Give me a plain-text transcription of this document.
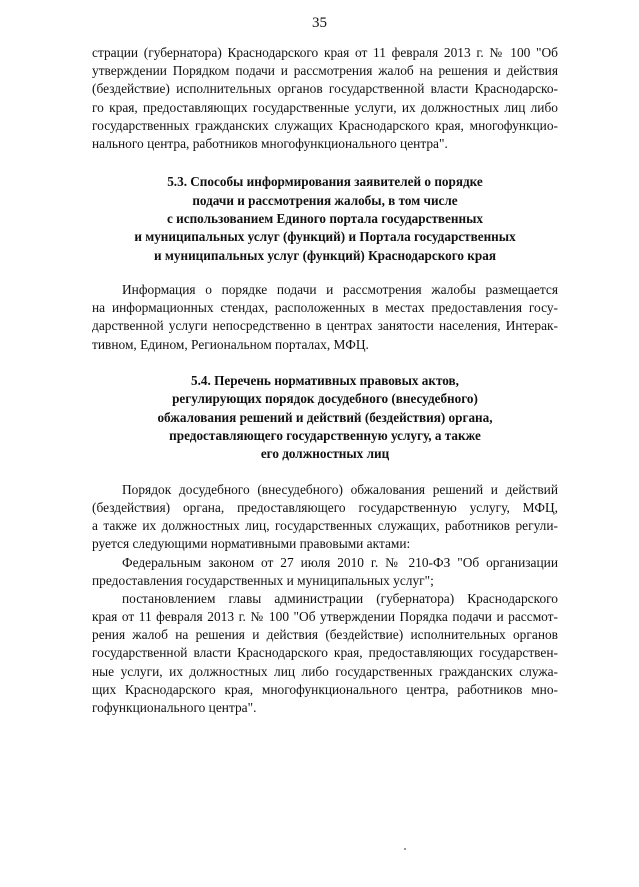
35
страции (губернатора) Краснодарского края от 11 февраля 2013 г. № 100 "Об
утверждении Порядком подачи и рассмотрения жалоб на решения и действия
(бездействие) исполнительных органов государственной власти Краснодарско-
го края, предоставляющих государственные услуги, их должностных лиц либо
государственных гражданских служащих Краснодарского края, многофункцио-
нального центра, работников многофункционального центра".
5.3. Способы информирования заявителей о порядке
подачи и рассмотрения жалобы, в том числе
с использованием Единого портала государственных
и муниципальных услуг (функций) и Портала государственных
и муниципальных услуг (функций) Краснодарского края
Информация о порядке подачи и рассмотрения жалобы размещается
на информационных стендах, расположенных в местах предоставления госу-
дарственной услуги непосредственно в центрах занятости населения, Интерак-
тивном, Едином, Региональном порталах, МФЦ.
5.4. Перечень нормативных правовых актов,
регулирующих порядок досудебного (внесудебного)
обжалования решений и действий (бездействия) органа,
предоставляющего государственную услугу, а также
его должностных лиц
Порядок досудебного (внесудебного) обжалования решений и действий
(бездействия) органа, предоставляющего государственную услугу, МФЦ,
а также их должностных лиц, государственных служащих, работников регули-
руется следующими нормативными правовыми актами:
Федеральным законом от 27 июля 2010 г. № 210-ФЗ "Об организации
предоставления государственных и муниципальных услуг";
постановлением главы администрации (губернатора) Краснодарского
края от 11 февраля 2013 г. № 100 "Об утверждении Порядка подачи и рассмот-
рения жалоб на решения и действия (бездействие) исполнительных органов
государственной власти Краснодарского края, предоставляющих государствен-
ные услуги, их должностных лиц либо государственных гражданских служа-
щих Краснодарского края, многофункционального центра, работников мно-
гофункционального центра".
